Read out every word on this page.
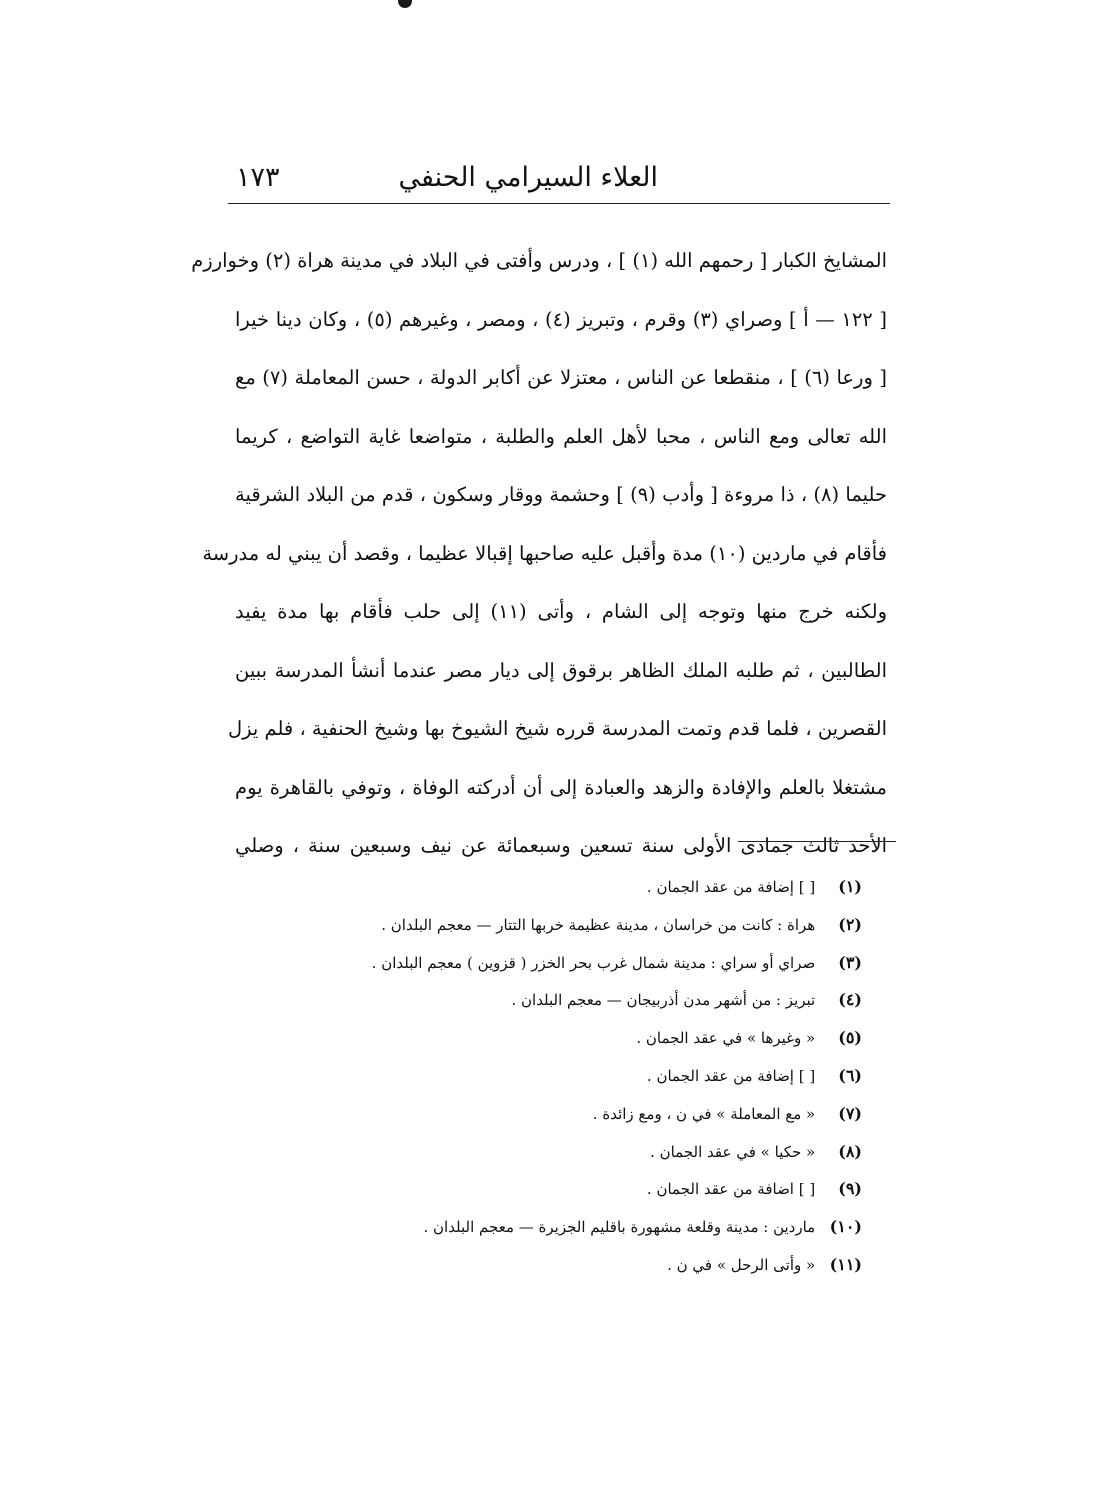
العلاء السيرامي الحنفي
١٧٣
المشايخ الكبار [ رحمهم الله (١) ] ، ودرس وأفتى في البلاد في مدينة هراة (٢) وخوارزم
[ ١٢٢ — أ ] وصراي (٣) وقرم ، وتبريز (٤) ، ومصر ، وغيرهم (٥) ، وكان دينا خيرا
[ ورعا (٦) ] ، منقطعا عن الناس ، معتزلا عن أكابر الدولة ، حسن المعاملة (٧) مع
الله تعالى ومع الناس ، محبا لأهل العلم والطلبة ، متواضعا غاية التواضع ، كريما
حليما (٨) ، ذا مروءة [ وأدب (٩) ] وحشمة ووقار وسكون ، قدم من البلاد الشرقية
فأقام في ماردين (١٠) مدة وأقبل عليه صاحبها إقبالا عظيما ، وقصد أن يبني له مدرسة
ولكنه خرج منها وتوجه إلى الشام ، وأتى (١١) إلى حلب فأقام بها مدة يفيد
الطالبين ، ثم طلبه الملك الظاهر برقوق إلى ديار مصر عندما أنشأ المدرسة ببين
القصرين ، فلما قدم وتمت المدرسة قرره شيخ الشيوخ بها وشيخ الحنفية ، فلم يزل
مشتغلا بالعلم والإفادة والزهد والعبادة إلى أن أدركته الوفاة ، وتوفي بالقاهرة يوم
الأحد ثالث جمادى الأولى سنة تسعين وسبعمائة عن نيف وسبعين سنة ، وصلي
(١) [ ] إضافة من عقد الجمان .
(٢) هراة : كانت من خراسان ، مدينة عظيمة خربها التتار — معجم البلدان .
(٣) صراي أو سراي : مدينة شمال غرب بحر الخزر ( قزوين ) معجم البلدان .
(٤) تبريز : من أشهر مدن أذربيجان — معجم البلدان .
(٥) « وغيرها » في عقد الجمان .
(٦) [ ] إضافة من عقد الجمان .
(٧) « مع المعاملة » في ن ، ومع زائدة .
(٨) « حكيا » في عقد الجمان .
(٩) [ ] اضافة من عقد الجمان .
(١٠) ماردين : مدينة وقلعة مشهورة باقليم الجزيرة — معجم البلدان .
(١١) « وأتى الرحل » في ن .
